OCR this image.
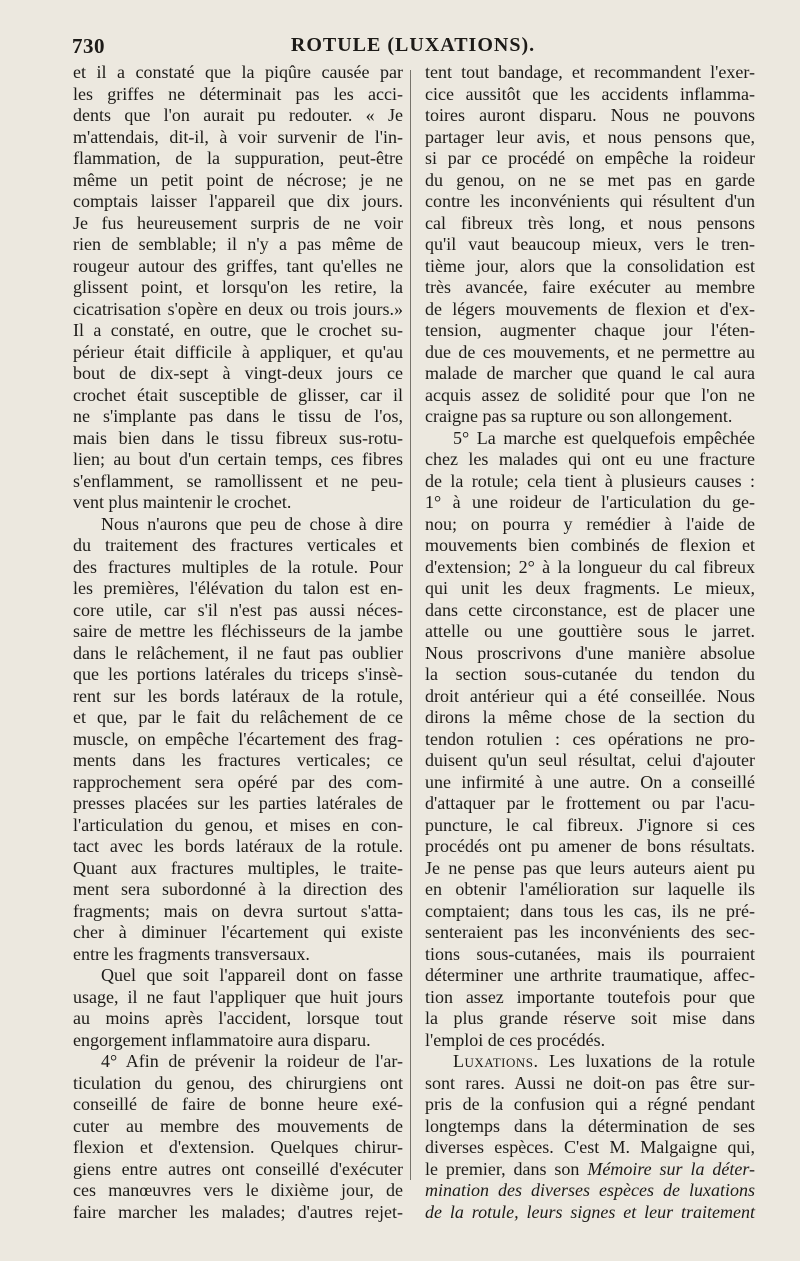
730	ROTULE (LUXATIONS).
et il a constaté que la piqûre causée par
les griffes ne déterminait pas les acci-
dents que l'on aurait pu redouter. « Je
m'attendais, dit-il, à voir survenir de l'in-
flammation, de la suppuration, peut-être
même un petit point de nécrose; je ne
comptais laisser l'appareil que dix jours.
Je fus heureusement surpris de ne voir
rien de semblable; il n'y a pas même de
rougeur autour des griffes, tant qu'elles ne
glissent point, et lorsqu'on les retire, la
cicatrisation s'opère en deux ou trois jours.»
Il a constaté, en outre, que le crochet su-
périeur était difficile à appliquer, et qu'au
bout de dix-sept à vingt-deux jours ce
crochet était susceptible de glisser, car il
ne s'implante pas dans le tissu de l'os,
mais bien dans le tissu fibreux sus-rotu-
lien; au bout d'un certain temps, ces fibres
s'enflamment, se ramollissent et ne peu-
vent plus maintenir le crochet.
Nous n'aurons que peu de chose à dire
du traitement des fractures verticales et
des fractures multiples de la rotule. Pour
les premières, l'élévation du talon est en-
core utile, car s'il n'est pas aussi néces-
saire de mettre les fléchisseurs de la jambe
dans le relâchement, il ne faut pas oublier
que les portions latérales du triceps s'insè-
rent sur les bords latéraux de la rotule,
et que, par le fait du relâchement de ce
muscle, on empêche l'écartement des frag-
ments dans les fractures verticales; ce
rapprochement sera opéré par des com-
presses placées sur les parties latérales de
l'articulation du genou, et mises en con-
tact avec les bords latéraux de la rotule.
Quant aux fractures multiples, le traite-
ment sera subordonné à la direction des
fragments; mais on devra surtout s'atta-
cher à diminuer l'écartement qui existe
entre les fragments transversaux.
Quel que soit l'appareil dont on fasse
usage, il ne faut l'appliquer que huit jours
au moins après l'accident, lorsque tout
engorgement inflammatoire aura disparu.
4° Afin de prévenir la roideur de l'ar-
ticulation du genou, des chirurgiens ont
conseillé de faire de bonne heure exé-
cuter au membre des mouvements de
flexion et d'extension. Quelques chirur-
giens entre autres ont conseillé d'exécuter
ces manœuvres vers le dixième jour, de
faire marcher les malades; d'autres rejet-
tent tout bandage, et recommandent l'exer-
cice aussitôt que les accidents inflamma-
toires auront disparu. Nous ne pouvons
partager leur avis, et nous pensons que,
si par ce procédé on empêche la roideur
du genou, on ne se met pas en garde
contre les inconvénients qui résultent d'un
cal fibreux très long, et nous pensons
qu'il vaut beaucoup mieux, vers le tren-
tième jour, alors que la consolidation est
très avancée, faire exécuter au membre
de légers mouvements de flexion et d'ex-
tension, augmenter chaque jour l'éten-
due de ces mouvements, et ne permettre au
malade de marcher que quand le cal aura
acquis assez de solidité pour que l'on ne
craigne pas sa rupture ou son allongement.
5° La marche est quelquefois empêchée
chez les malades qui ont eu une fracture
de la rotule; cela tient à plusieurs causes :
1° à une roideur de l'articulation du ge-
nou; on pourra y remédier à l'aide de
mouvements bien combinés de flexion et
d'extension; 2° à la longueur du cal fibreux
qui unit les deux fragments. Le mieux,
dans cette circonstance, est de placer une
attelle ou une gouttière sous le jarret.
Nous proscrivons d'une manière absolue
la section sous-cutanée du tendon du
droit antérieur qui a été conseillée. Nous
dirons la même chose de la section du
tendon rotulien : ces opérations ne pro-
duisent qu'un seul résultat, celui d'ajouter
une infirmité à une autre. On a conseillé
d'attaquer par le frottement ou par l'acu-
puncture, le cal fibreux. J'ignore si ces
procédés ont pu amener de bons résultats.
Je ne pense pas que leurs auteurs aient pu
en obtenir l'amélioration sur laquelle ils
comptaient; dans tous les cas, ils ne pré-
senteraient pas les inconvénients des sec-
tions sous-cutanées, mais ils pourraient
déterminer une arthrite traumatique, affec-
tion assez importante toutefois pour que
la plus grande réserve soit mise dans
l'emploi de ces procédés.
Luxations. Les luxations de la rotule
sont rares. Aussi ne doit-on pas être sur-
pris de la confusion qui a régné pendant
longtemps dans la détermination de ses
diverses espèces. C'est M. Malgaigne qui,
le premier, dans son Mémoire sur la déter-
mination des diverses espèces de luxations
de la rotule, leurs signes et leur traitement
